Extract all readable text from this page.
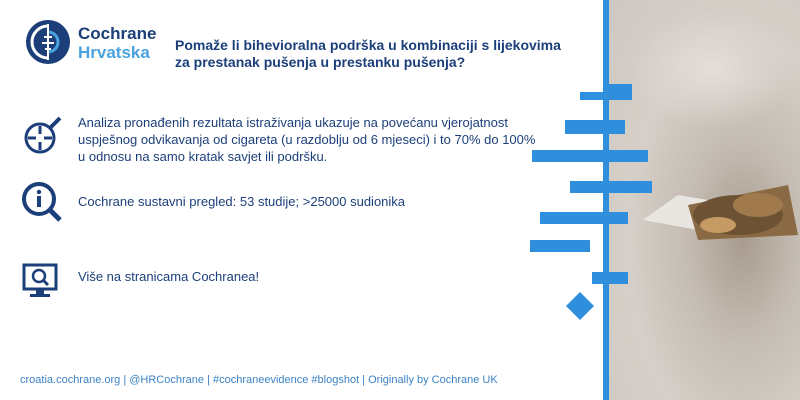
Cochrane
Hrvatska Pomaže li bihevioralna podrška u kombinaciji s lijekovima za prestanak pušenja u prestanku pušenja?
Analiza pronađenih rezultata istraživanja ukazuje na povećanu vjerojatnost uspješnog odvikavanja od cigareta (u razdoblju od 6 mjeseci) i to 70% do 100% u odnosu na samo kratak savjet ili podršku.
Cochrane sustavni pregled: 53 studije; >25000 sudionika
Više na stranicama Cochranea!
croatia.cochrane.org | @HRCochrane | #cochraneevidence #blogshot | Originally by Cochrane UK
